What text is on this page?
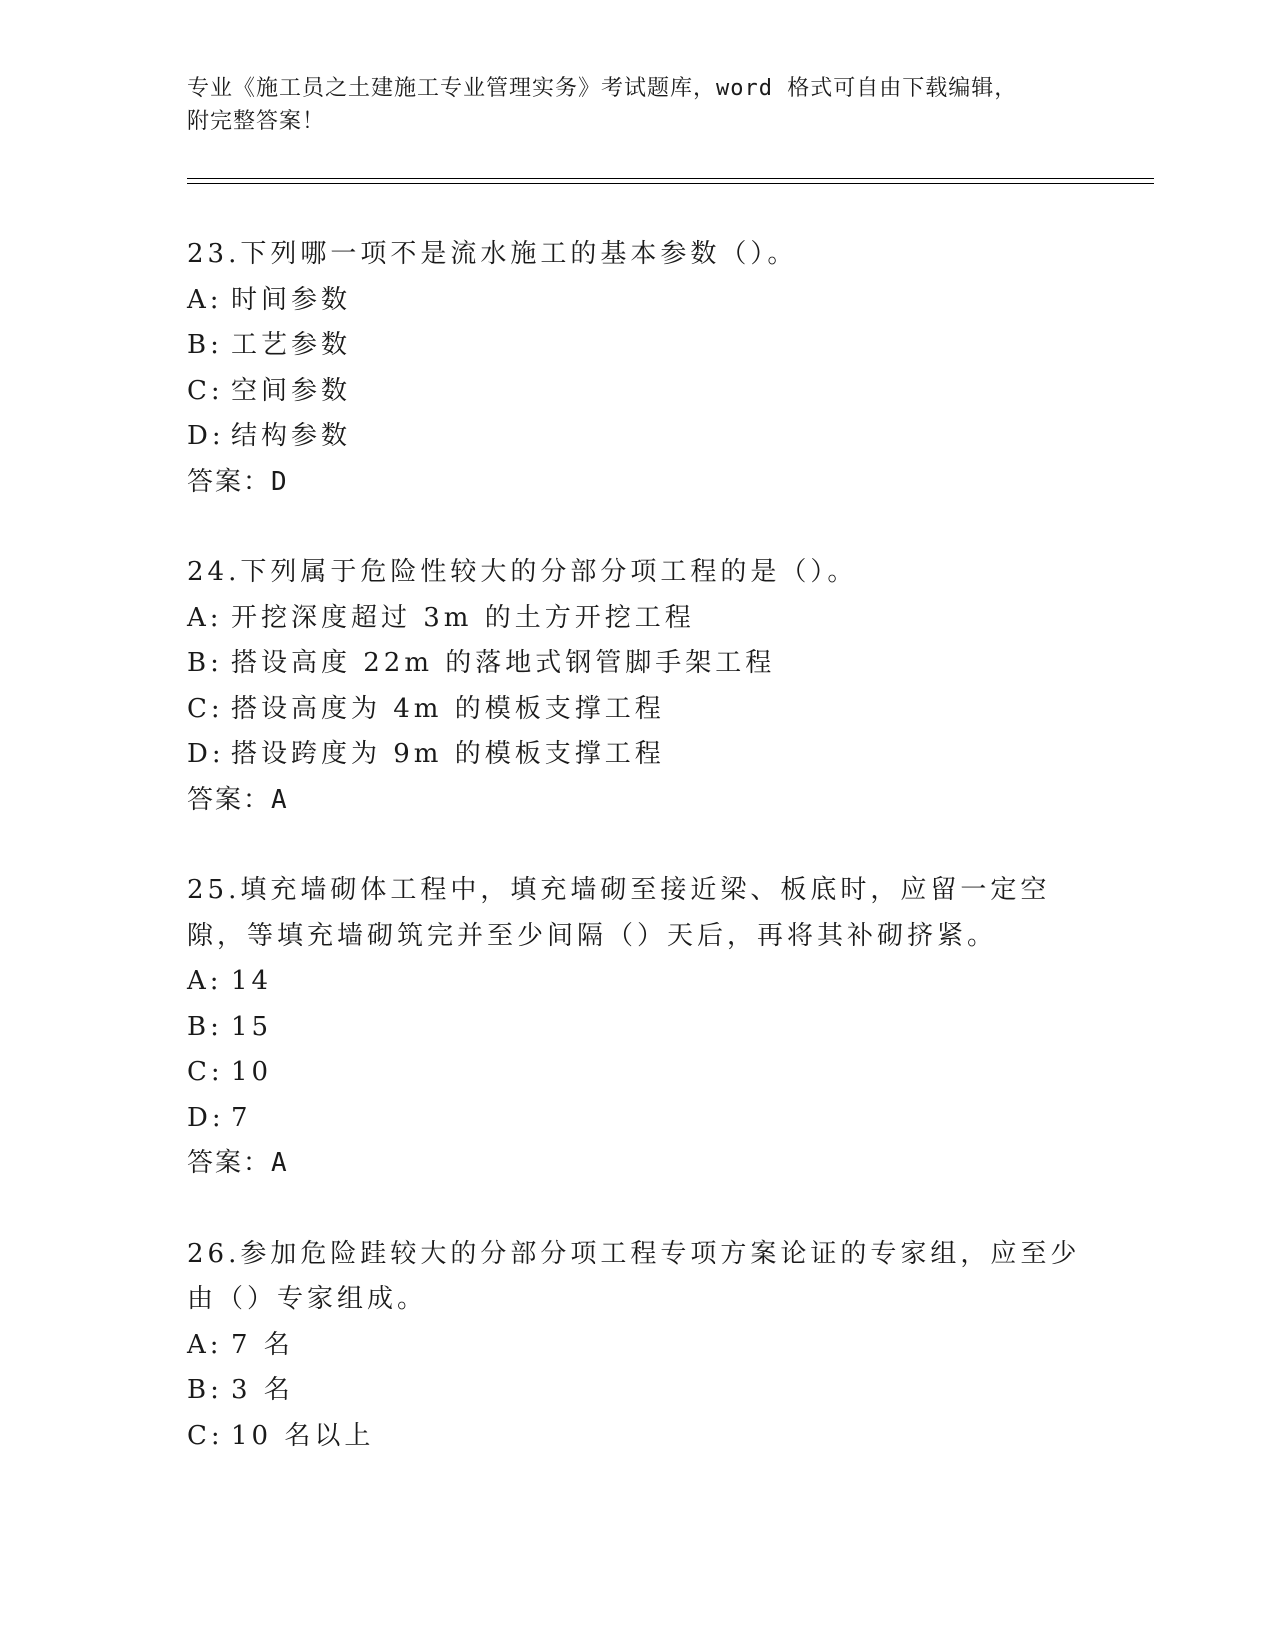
专业《施工员之土建施工专业管理实务》考试题库，word 格式可自由下载编辑，
附完整答案！
23.下列哪一项不是流水施工的基本参数（）。
A: 时间参数
B: 工艺参数
C: 空间参数
D: 结构参数
答案：D
24.下列属于危险性较大的分部分项工程的是（）。
A: 开挖深度超过 3m 的土方开挖工程
B: 搭设高度 22m 的落地式钢管脚手架工程
C: 搭设高度为 4m 的模板支撑工程
D: 搭设跨度为 9m 的模板支撑工程
答案：A
25.填充墙砌体工程中，填充墙砌至接近梁、板底时，应留一定空隙，等填充墙砌筑完并至少间隔（）天后，再将其补砌挤紧。
A: 14
B: 15
C: 10
D: 7
答案：A
26.参加危险跬较大的分部分项工程专项方案论证的专家组，应至少由（）专家组成。
A: 7 名
B: 3 名
C: 10 名以上
